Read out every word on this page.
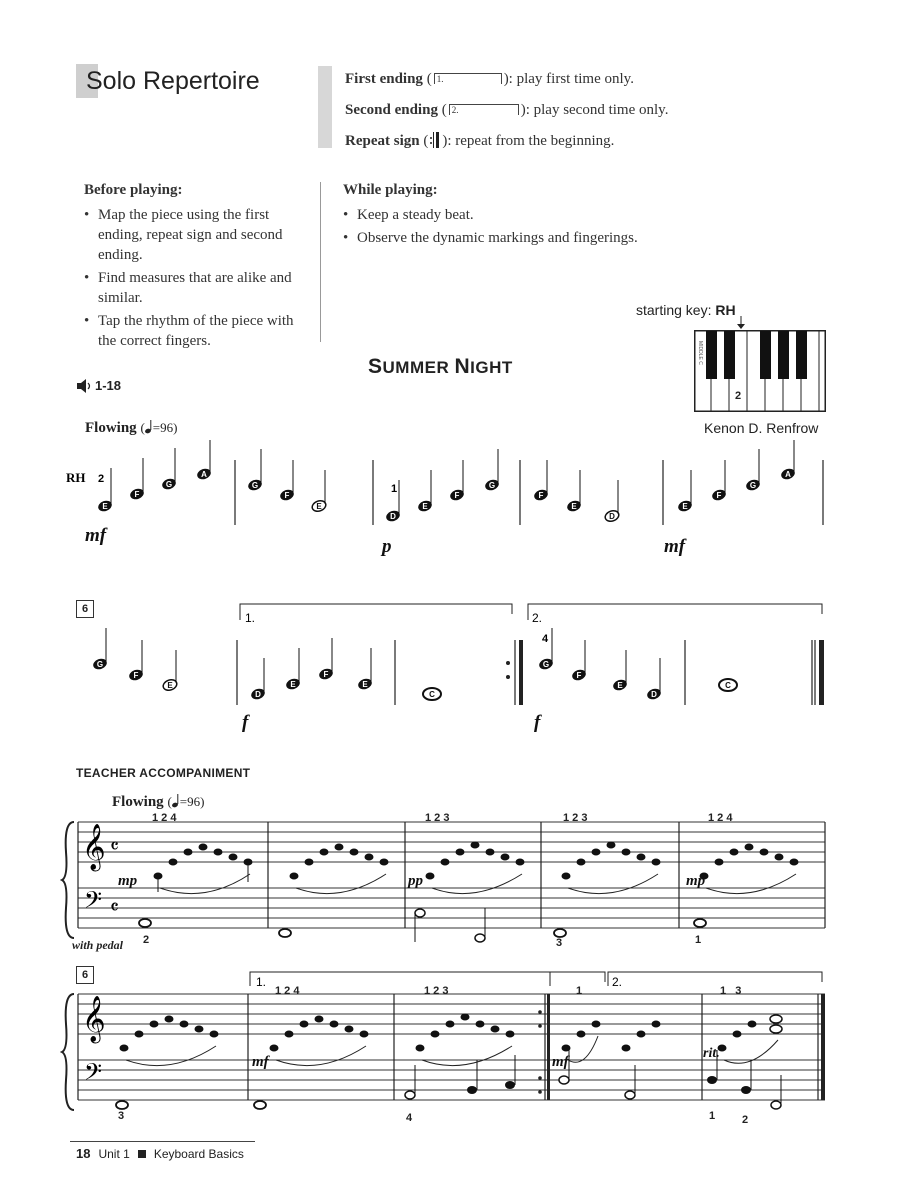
Solo Repertoire	First ending ( 1.	): play first time only.
Second ending ( 2.	): play second time only.
Repeat sign ( ): repeat from the beginning.
Before playing:
• Map the piece using the first ending, repeat sign and second ending.
• Find measures that are alike and similar.
• Tap the rhythm of the piece with the correct fingers.
While playing:
• Keep a steady beat.
• Observe the dynamic markings and fingerings.
starting key: RH
MIDDLE C
2
SUMMER NIGHT
1-18
Flowing ( =96)	Kenon D. Renfrow
RH 2
1
E
F
G
A
G
F
E
D
E
F
G
F
E
D
E
F
G
A
mf
p	mf
6
1.	2.
4
G
F
E
D
E
F
E
C
G
F
E
D
C
f	f
TEACHER ACCOMPANIMENT
Flowing ( =96)
𝄞 𝄴
𝄢 𝄴
1 2 4	1 2 3	1 2 3	1 2 4
mp	pp	mp
with pedal 2	3	1
6	1.	2.
𝄞
𝄢
1 2 4	1 2 3	1	1   3
mf	mf
rit.
3	4	1 2
18 Unit 1 Keyboard Basics
